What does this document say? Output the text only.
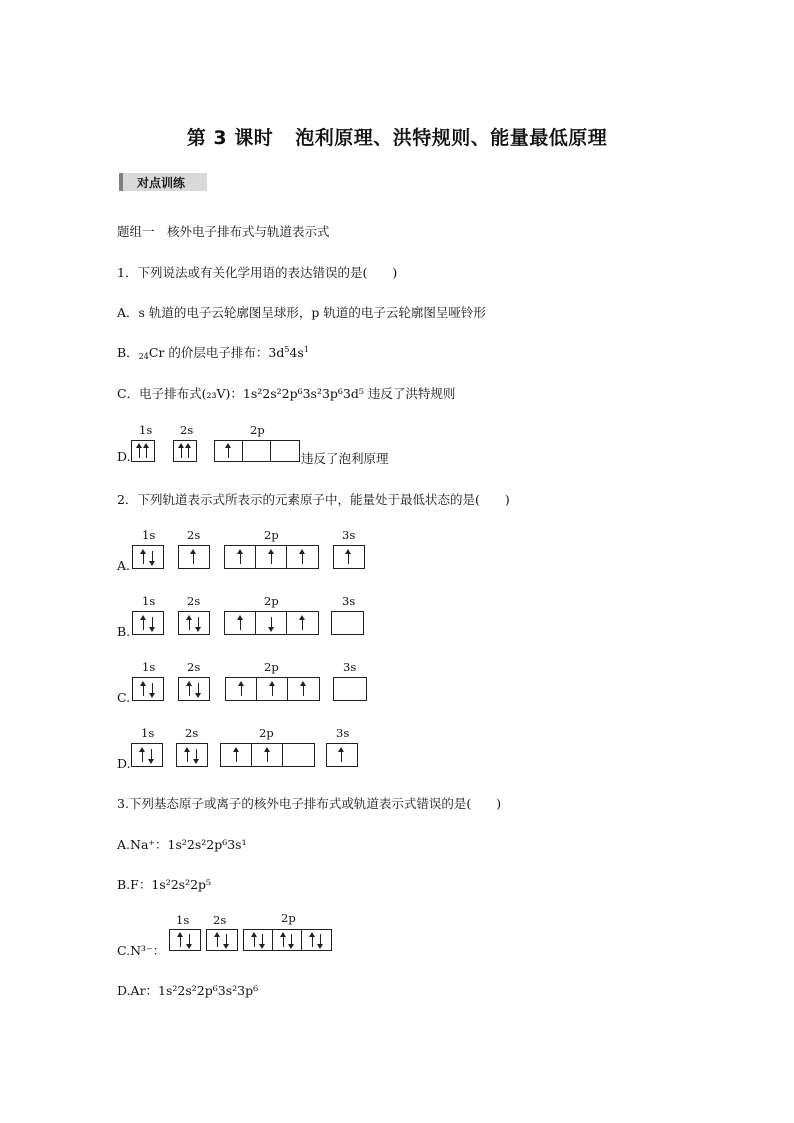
第 3 课时 泡利原理、洪特规则、能量最低原理
对点训练
题组一　核外电子排布式与轨道表示式
1．下列说法或有关化学用语的表达错误的是(　　)
A．s 轨道的电子云轮廓图呈球形，p 轨道的电子云轮廓图呈哑铃形
B．$_{24}$Cr 的价层电子排布：$3d^54s^1$
C．电子排布式(₂₃V)：1s²2s²2p⁶3s²3p⁶3d⁵ 违反了洪特规则
1s 2s	2p
D.	违反了泡利原理
2．下列轨道表示式所表示的元素原子中，能量处于最低状态的是(　　)
1s	2s	2p	3s
A.
1s	2s	2p	3s
B.
1s	2s	2p	3s
C.
1s	2s	2p	3s
D.
3.下列基态原子或离子的核外电子排布式或轨道表示式错误的是(　　)
A.Na⁺：1s²2s²2p⁶3s¹
B.F：1s²2s²2p⁵
1s 2s	2p
C.N³⁻：
D.Ar：1s²2s²2p⁶3s²3p⁶
